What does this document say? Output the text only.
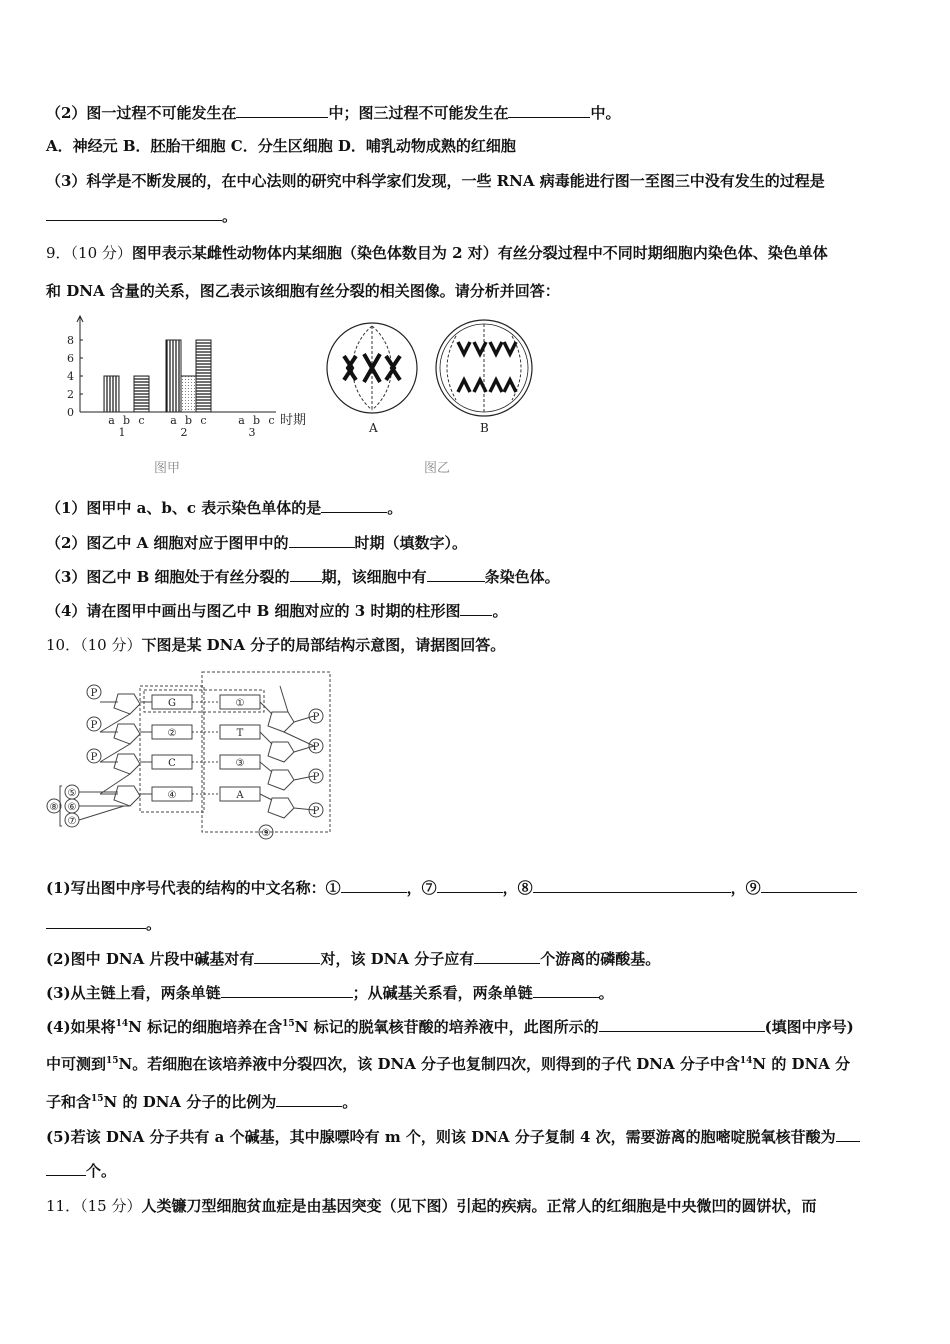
（2）图一过程不可能发生在	中；图三过程不可能发生在	中。
A．神经元 B．胚胎干细胞 C．分生区细胞 D．哺乳动物成熟的红细胞
（3）科学是不断发展的，在中心法则的研究中科学家们发现，一些 RNA 病毒能进行图一至图三中没有发生的过程是
。
9．（10 分）图甲表示某雌性动物体内某细胞（染色体数目为 2 对）有丝分裂过程中不同时期细胞内染色体、染色单体
和 DNA 含量的关系，图乙表示该细胞有丝分裂的相关图像。请分析并回答：
0
2
4
6
8
a b c
1
a b c
2
a b c
3
时期
图甲
A	B
图乙
（1）图甲中 a、b、c 表示染色单体的是	。
（2）图乙中 A 细胞对应于图甲中的	时期（填数字）。
（3）图乙中 B 细胞处于有丝分裂的 期，该细胞中有	条染色体。
（4）请在图甲中画出与图乙中 B 细胞对应的 3 时期的柱形图 。
10．（10 分）下图是某 DNA 分子的局部结构示意图，请据图回答。
P
P
P
P
P
P
P
G
②
C
④
①
T
③
A
⑤
⑥
⑦
⑧
⑨
(1)写出图中序号代表的结构的中文名称：①	，⑦	，⑧	，⑨
。
(2)图中 DNA 片段中碱基对有	对，该 DNA 分子应有	个游离的磷酸基。
(3)从主链上看，两条单链	；从碱基关系看，两条单链	。
(4)如果将$^{14}$N 标记的细胞培养在含$^{15}$N 标记的脱氧核苷酸的培养液中，此图所示的	(填图中序号)
中可测到$^{15}$N。若细胞在该培养液中分裂四次，该 DNA 分子也复制四次，则得到的子代 DNA 分子中含$^{14}$N 的 DNA 分
子和含$^{15}$N 的 DNA 分子的比例为	。
(5)若该 DNA 分子共有 a 个碱基，其中腺嘌呤有 m 个，则该 DNA 分子复制 4 次，需要游离的胞嘧啶脱氧核苷酸为
个。
11．（15 分）人类镰刀型细胞贫血症是由基因突变（见下图）引起的疾病。正常人的红细胞是中央微凹的圆饼状，而
